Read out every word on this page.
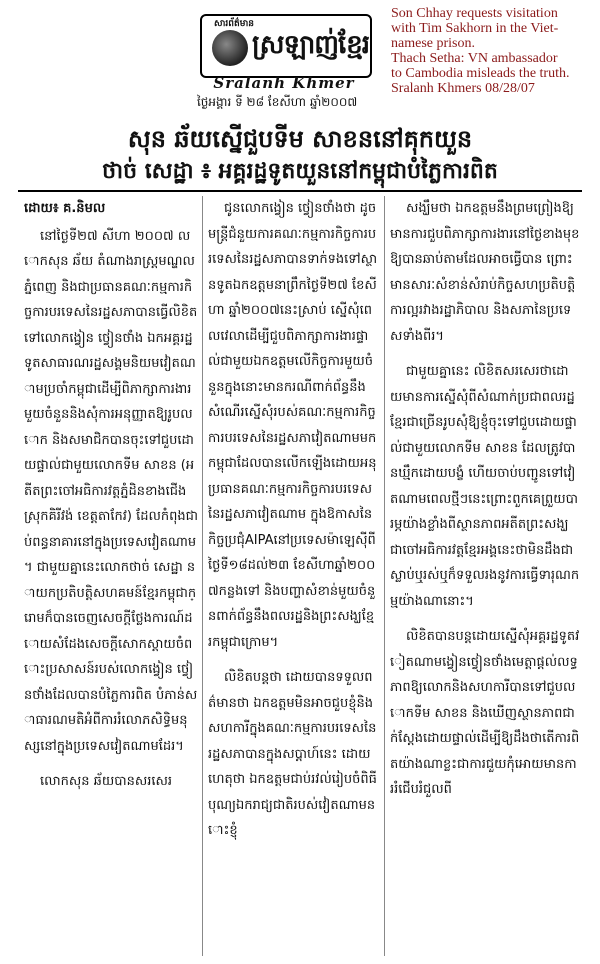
សារព័ត៌មាន
ស្រឡាញ់ខ្មែរ
Sralanh Khmer
ថ្ងៃអង្គារ ទី ២៨ ខែសីហា ឆ្នាំ២០០៧
Son Chhay requests visitation
with Tim Sakhorn in the Viet-
namese prison.
Thach Setha: VN ambassador
to Cambodia misleads the truth.
Sralanh Khmers 08/28/07
សុន ឆ័យស្នើជួបទីម សាខន​នៅគុកយួន
ថាច់ សេដ្ឋា ៖ អគ្គរដ្ឋទូតយួននៅកម្ពុជាបំភ្លៃការពិត
ដោយ៖ គ.និមល

នៅថ្ងៃទី២៧ សីហា ២០០៧ លោកសុន ឆ័យ តំណាងរាស្ត្រមណ្ឌលភ្នំពេញ និងជាប្រធានគណៈកម្មការកិច្ចការបរទេសនៃរដ្ឋសភាបានធ្វើលិខិតទៅលោកង្វៀន ថ្វៀនថាំង ឯកអគ្គរដ្ឋទូតសាធារណរដ្ឋសង្គមនិយមវៀតណាមប្រចាំកម្ពុជាដើម្បីពិភាក្សាការងារមួយចំនួននិងសុំការអនុញ្ញាតឱ្យរូបលោក និងសមាជិកបានចុះទៅជួបដោយផ្ទាល់ជាមួយលោកទីម សាខន (អតីតព្រះចៅអធិការវត្តភ្នំដិនខាងជើង ស្រុកគិរីវង់ ខេត្តតាកែវ) ដែលកំពុងជាប់ពន្ធនាគារនៅក្នុងប្រទេសវៀតណាម។ ជាមួយគ្នានេះលោកថាច់ សេដ្ឋា នាយកប្រតិបត្តិសហគមន៍ខ្មែរកម្ពុជាក្រោមក៏បានចេញសេចក្តីថ្លែងការណ៍ដោយសំដែងសេចក្តីសោកស្តាយចំពោះប្រសាសន៍របស់លោកង្វៀន ថ្វៀនថាំងដែលបានបំភ្លៃការពិត បំភាន់សាធារណមតិអំពីការរំលោភសិទ្ធិមនុស្សនៅក្នុងប្រទេសវៀតណាមដែរ។

លោកសុន ឆ័យបានសរសេរ

ជូនលោកង្វៀន ថ្វៀនថាំងថា ដូចមន្ត្រីជំនួយការគណៈកម្មការកិច្ចការបរទេសនៃរដ្ឋសភាបានទាក់ទងទៅស្ថានទូតឯកឧត្តមនាព្រឹកថ្ងៃទី២៧ ខែសីហា ឆ្នាំ២០០៧នេះស្រាប់ ស្នើសុំពេលវេលាដើម្បីជួបពិភាក្សាការងារផ្ទាល់ជាមួយឯកឧត្តមលើកិច្ចការមួយចំនួនក្នុងនោះមានករណីពាក់ព័ន្ធនឹងសំណើរស្នើសុំរបស់គណៈកម្មការកិច្ចការបរទេសនៃរដ្ឋសភាវៀតណាមមកកម្ពុជាដែលបានលើកឡើងដោយអនុប្រធានគណៈកម្មការកិច្ចការបរទេសនៃរដ្ឋសភាវៀតណាម ក្នុងឱកាសនៃកិច្ចប្រជុំAIPAនៅប្រទេសម៉ាឡេស៊ីពីថ្ងៃទី១៨ដល់២៣ ខែសីហាឆ្នាំ២០០៧កន្លងទៅ និងបញ្ហាសំខាន់មួយចំនួនពាក់ព័ន្ធនឹងពលរដ្ឋនិងព្រះសង្ឃខ្មែរកម្ពុជាក្រោម។

លិខិតបន្តថា ដោយបានទទួលពត៌មានថា ឯកឧត្តមមិនអាចជួបខ្ញុំនិងសហការីក្នុងគណៈកម្មការបរទេសនៃរដ្ឋសភាបានក្នុងសប្តាហ៍នេះ ដោយហេតុថា ឯកឧត្តមជាប់រវល់រៀបចំពិធីបុណ្យឯករាជ្យជាតិរបស់វៀតណាមនោះខ្ញុំ

សង្ឃឹមថា ឯកឧត្តមនឹងព្រមព្រៀងឱ្យមានការជួបពិភាក្សាការងារនៅថ្ងៃខាងមុខឱ្យបានឆាប់តាមដែលអាចធ្វើបាន ព្រោះមានសារៈសំខាន់សំរាប់កិច្ចសហប្រតិបត្តិការល្អរវាងរដ្ឋាភិបាល និងសភានៃប្រទេសទាំងពីរ។

ជាមួយគ្នានេះ លិខិតសរសេរថាដោយមានការស្នើសុំពីសំណាក់ប្រជាពលរដ្ឋខ្មែរជាច្រើនរូបសុំឱ្យខ្ញុំចុះទៅជួបដោយផ្ទាល់ជាមួយលោកទីម សាខន ដែលត្រូវបានឃ្មឹកដោយបង្ខំ ហើយចាប់បញ្ជូនទៅវៀតណាមពេលថ្មីៗនេះព្រោះពួកគេព្រួយបារម្ភយ៉ាងខ្លាំងពីស្ថានភាពអតីតព្រះសង្ឃ ជាចៅអធិការវត្តខ្មែរអង្គនេះថាមិនដឹងជាស្លាប់ឬរស់ឬក៏ទទួលរងនូវការធ្វើទារុណកម្មយ៉ាងណានោះ។

លិខិតបានបន្តដោយស្នើសុំអគ្គរដ្ឋទូតវៀតណាមង្វៀនថ្វៀនថាំងមេត្តាផ្តល់លទ្ធភាពឱ្យលោកនិងសហការីបានទៅជួបលោកទីម សាខន និងឃើញស្ថានភាពជាក់ស្តែងដោយផ្ទាល់ដើម្បីឱ្យដឹងថាតើការពិតយ៉ាងណាខ្លះជាការជួយកុំអោយមានការរំជើបរំជួលពី
